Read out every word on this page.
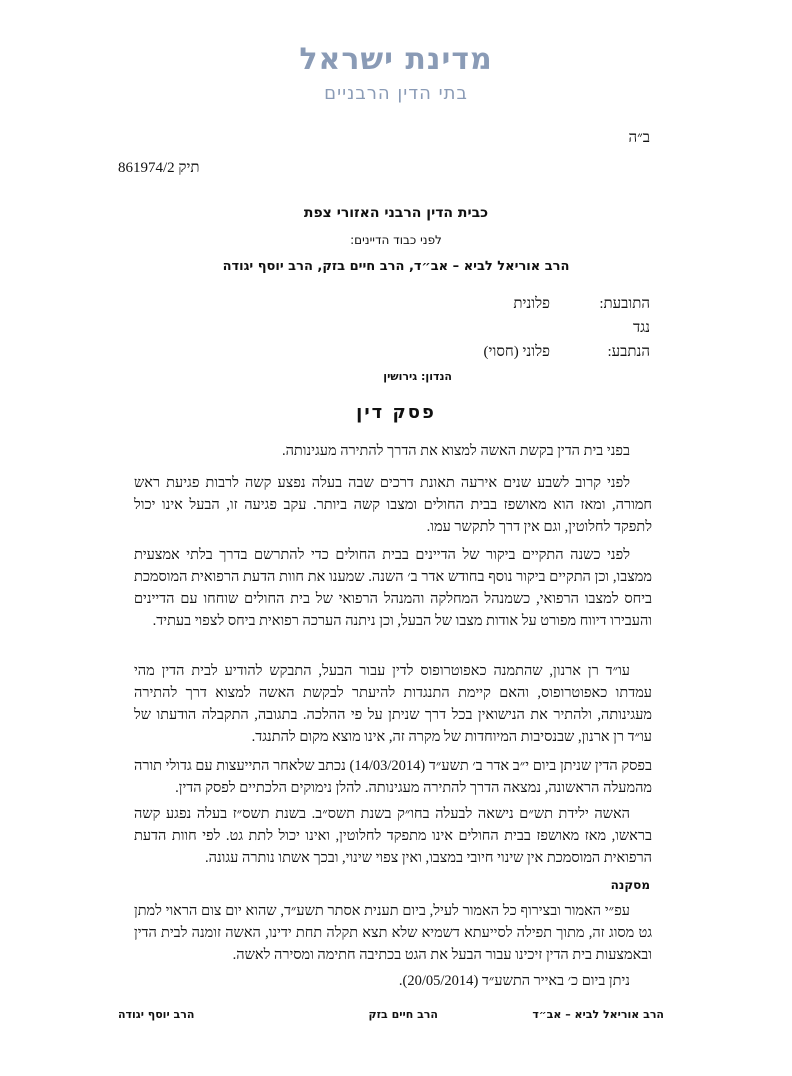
מדינת ישראל
בתי הדין הרבניים
ב״ה
תיק 861974/2
כבית הדין הרבני האזורי צפת
לפני כבוד הדיינים:
הרב אוריאל לביא – אב״ד, הרב חיים בזק, הרב יוסף יגודה
התובעת:
פלונית
נגד
הנתבע:
פלוני (חסוי)
הנדון: גירושין
פסק דין
בפני בית הדין בקשת האשה למצוא את הדרך להתירה מעגינותה.
לפני קרוב לשבע שנים אירעה תאונת דרכים שבה בעלה נפצע קשה לרבות פגיעת ראש חמורה, ומאז הוא מאושפז בבית החולים ומצבו קשה ביותר. עקב פגיעה זו, הבעל אינו יכול לתפקד לחלוטין, וגם אין דרך לתקשר עמו.
לפני כשנה התקיים ביקור של הדיינים בבית החולים כדי להתרשם בדרך בלתי אמצעית ממצבו, וכן התקיים ביקור נוסף בחודש אדר ב׳ השנה. שמענו את חוות הדעת הרפואית המוסמכת ביחס למצבו הרפואי, כשמנהל המחלקה והמנהל הרפואי של בית החולים שוחחו עם הדיינים והעבירו דיווח מפורט על אודות מצבו של הבעל, וכן ניתנה הערכה רפואית ביחס לצפוי בעתיד.
עו״ד רן ארנון, שהתמנה כאפוטרופוס לדין עבור הבעל, התבקש להודיע לבית הדין מהי עמדתו כאפוטרופוס, והאם קיימת התנגדות להיעתר לבקשת האשה למצוא דרך להתירה מעגינותה, ולהתיר את הנישואין בכל דרך שניתן על פי ההלכה. בתגובה, התקבלה הודעתו של עו״ד רן ארנון, שבנסיבות המיוחדות של מקרה זה, אינו מוצא מקום להתנגד.
בפסק הדין שניתן ביום י״ב אדר ב׳ תשע״ד (14/03/2014) נכתב שלאחר התייעצות עם גדולי תורה מהמעלה הראשונה, נמצאה הדרך להתירה מעגינותה. להלן נימוקים הלכתיים לפסק הדין.
האשה ילידת תש״ם נישאה לבעלה בחו״ק בשנת תשס״ב. בשנת תשס״ז בעלה נפגע קשה בראשו, מאז מאושפז בבית החולים אינו מתפקד לחלוטין, ואינו יכול לתת גט. לפי חוות הדעת הרפואית המוסמכת אין שינוי חיובי במצבו, ואין צפוי שינוי, ובכך אשתו נותרה עגונה.
מסקנה
עפ״י האמור ובצירוף כל האמור לעיל, ביום תענית אסתר תשע״ד, שהוא יום צום הראוי למתן גט מסוג זה, מתוך תפילה לסייעתא דשמיא שלא תצא תקלה תחת ידינו, האשה זומנה לבית הדין ובאמצעות בית הדין זיכינו עבור הבעל את הגט בכתיבה חתימה ומסירה לאשה.
ניתן ביום כ׳ באייר התשע״ד (20/05/2014).
הרב אוריאל לביא – אב״ד
הרב חיים בזק
הרב יוסף יגודה
